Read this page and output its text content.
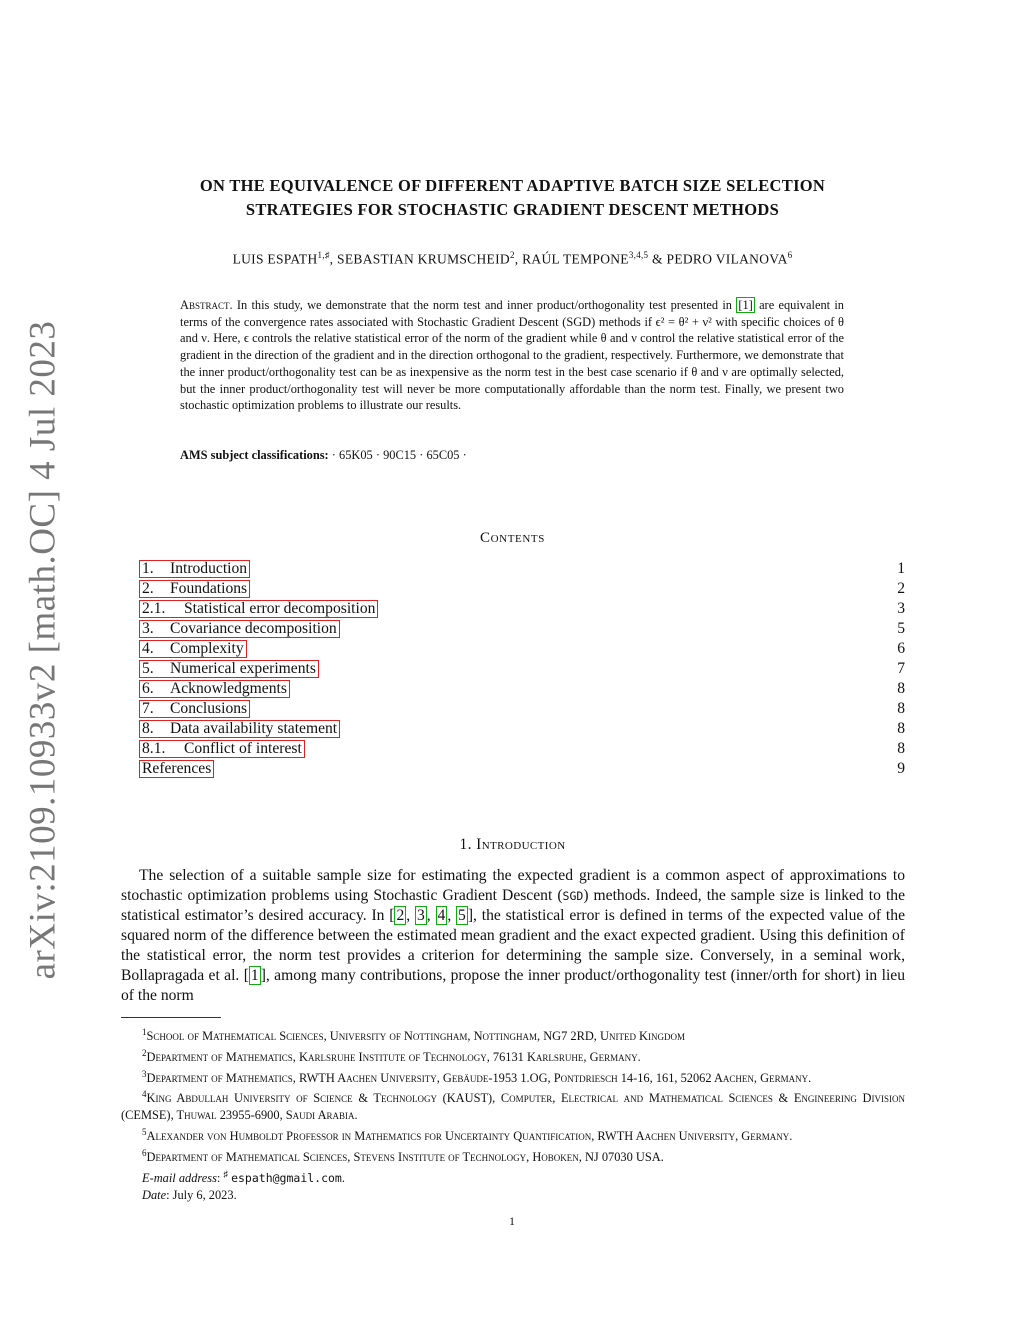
arXiv:2109.10933v2 [math.OC] 4 Jul 2023
ON THE EQUIVALENCE OF DIFFERENT ADAPTIVE BATCH SIZE SELECTION
STRATEGIES FOR STOCHASTIC GRADIENT DESCENT METHODS
LUIS $ESPATH^{1,♯}$, SEBASTIAN KRUMSCHEID$^2$, RAÚL TEMPONE$^{3,4,5}$ & PEDRO VILANOVA$^6$
Abstract. In this study, we demonstrate that the norm test and inner product/orthogonality test presented in [1] are equivalent in terms of the convergence rates associated with Stochastic Gradient Descent (SGD) methods if ϵ² = θ² + ν² with specific choices of θ and ν. Here, ϵ controls the relative statistical error of the norm of the gradient while θ and ν control the relative statistical error of the gradient in the direction of the gradient and in the direction orthogonal to the gradient, respectively. Furthermore, we demonstrate that the inner product/orthogonality test can be as inexpensive as the norm test in the best case scenario if θ and ν are optimally selected, but the inner product/orthogonality test will never be more computationally affordable than the norm test. Finally, we present two stochastic optimization problems to illustrate our results.
AMS subject classifications: · 65K05 · 90C15 · 65C05 ·
Contents
1. Introduction	1
2. Foundations	2
2.1. Statistical error decomposition	3
3. Covariance decomposition	5
4. Complexity	6
5. Numerical experiments	7
6. Acknowledgments	8
7. Conclusions	8
8. Data availability statement	8
8.1. Conflict of interest	8
References	9
1. Introduction
The selection of a suitable sample size for estimating the expected gradient is a common aspect of approximations to stochastic optimization problems using Stochastic Gradient Descent (SGD) methods. Indeed, the sample size is linked to the statistical estimator’s desired accuracy. In [ 2 , 3 , 4 , 5 ], the statistical error is defined in terms of the expected value of the squared norm of the difference between the estimated mean gradient and the exact expected gradient. Using this definition of the statistical error, the norm test provides a criterion for determining the sample size. Conversely, in a seminal work, Bollapragada et al. [ 1 ], among many contributions, propose the inner product/orthogonality test (inner/orth for short) in lieu of the norm
$^1$School of Mathematical Sciences, University of Nottingham, Nottingham, NG7 2RD, United Kingdom
$^2$Department of Mathematics, Karlsruhe Institute of Technology, 76131 Karlsruhe, Germany.
$^3$Department of Mathematics, RWTH Aachen University, Gebäude-1953 1.OG, Pontdriesch 14-16, 161, 52062 Aachen, Germany.
$^4$King Abdullah University of Science & Technology (KAUST), Computer, Electrical and Mathematical Sciences & Engineering Division (CEMSE), Thuwal 23955-6900, Saudi Arabia.
$^5$Alexander von Humboldt Professor in Mathematics for Uncertainty Quantification, RWTH Aachen University, Germany.
$^6$Department of Mathematical Sciences, Stevens Institute of Technology, Hoboken, NJ 07030 USA.
E-mail address: ♯ espath@gmail.com.
Date: July 6, 2023.
1
